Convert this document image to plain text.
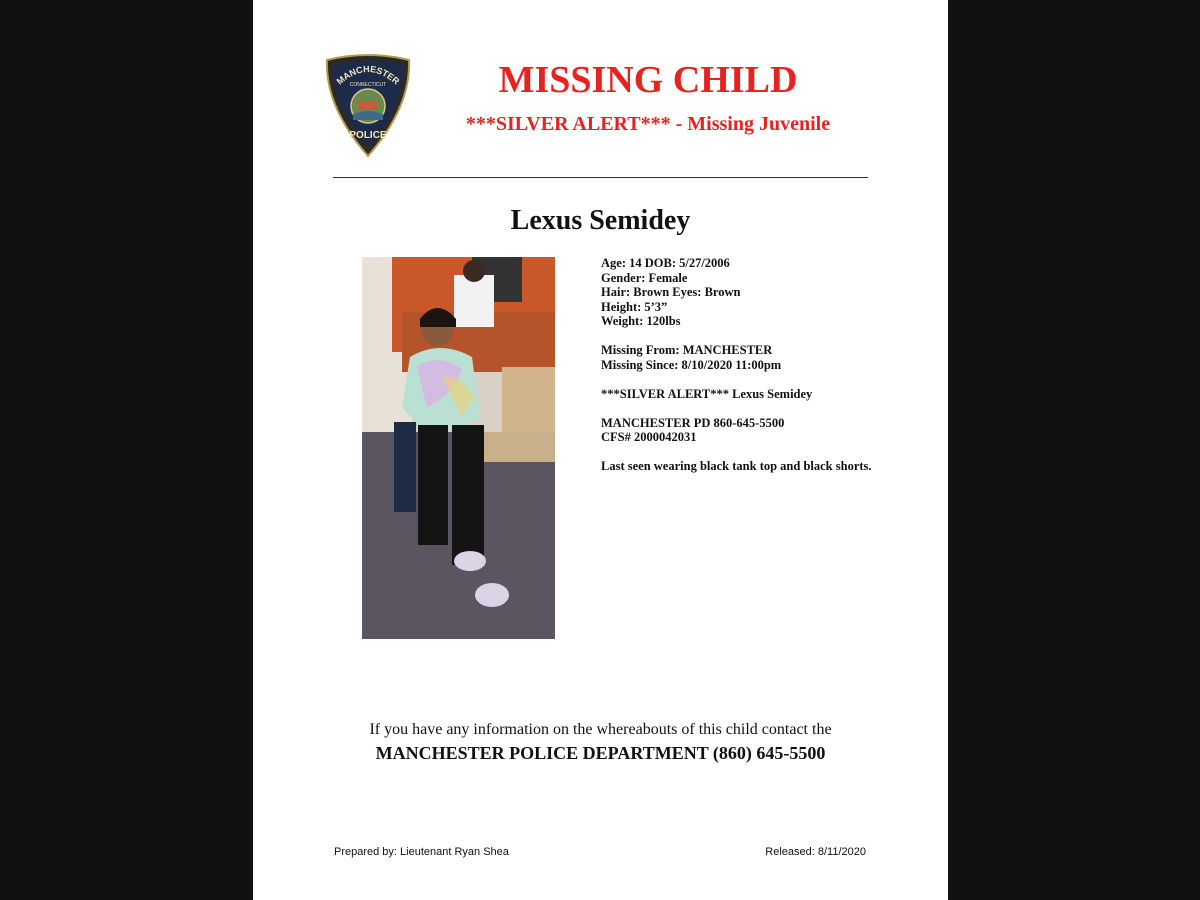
MANCHESTER
CONNECTICUT
POLICE
MISSING CHILD
***SILVER ALERT*** - Missing Juvenile
Lexus Semidey
Age: 14 DOB: 5/27/2006
Gender: Female
Hair: Brown Eyes: Brown
Height: 5’3”
Weight: 120lbs
Missing From: MANCHESTER
Missing Since: 8/10/2020 11:00pm
***SILVER ALERT*** Lexus Semidey
MANCHESTER PD 860-645-5500
CFS# 2000042031
Last seen wearing black tank top and black shorts.
If you have any information on the whereabouts of this child contact the
MANCHESTER POLICE DEPARTMENT (860) 645-5500
Prepared by: Lieutenant Ryan Shea	Released: 8/11/2020
